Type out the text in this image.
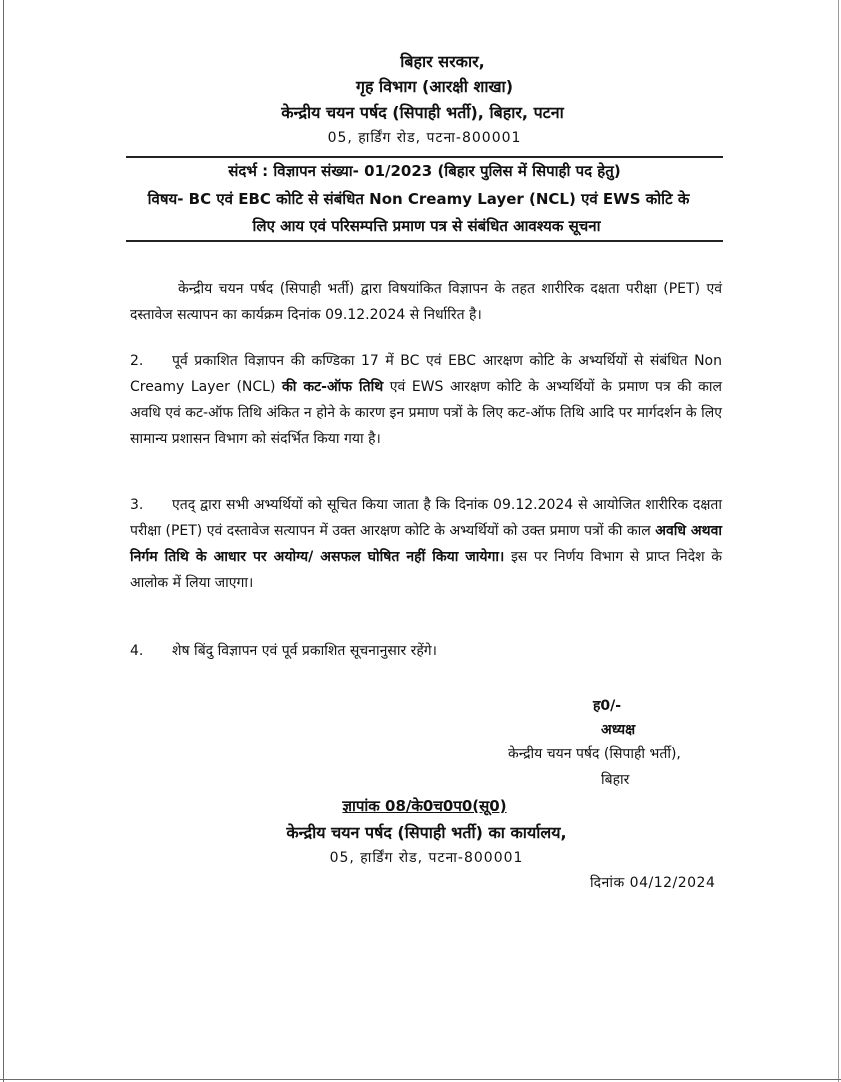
बिहार सरकार,
गृह विभाग (आरक्षी शाखा)
केन्द्रीय चयन पर्षद (सिपाही भर्ती), बिहार, पटना
05, हार्डिंग रोड, पटना-800001
संदर्भ : विज्ञापन संख्या- 01/2023 (बिहार पुलिस में सिपाही पद हेतु)
विषय- BC एवं EBC कोटि से संबंधित Non Creamy Layer (NCL) एवं EWS कोटि के
लिए आय एवं परिसम्पत्ति प्रमाण पत्र से संबंधित आवश्यक सूचना
केन्द्रीय चयन पर्षद (सिपाही भर्ती) द्वारा विषयांकित विज्ञापन के तहत शारीरिक दक्षता परीक्षा (PET) एवं दस्तावेज सत्यापन का कार्यक्रम दिनांक 09.12.2024 से निर्धारित है।
2. पूर्व प्रकाशित विज्ञापन की कण्डिका 17 में BC एवं EBC आरक्षण कोटि के अभ्यर्थियों से संबंधित Non Creamy Layer (NCL) की कट-ऑफ तिथि एवं EWS आरक्षण कोटि के अभ्यर्थियों के प्रमाण पत्र की काल अवधि एवं कट-ऑफ तिथि अंकित न होने के कारण इन प्रमाण पत्रों के लिए कट-ऑफ तिथि आदि पर मार्गदर्शन के लिए सामान्य प्रशासन विभाग को संदर्भित किया गया है।
3. एतद् द्वारा सभी अभ्यर्थियों को सूचित किया जाता है कि दिनांक 09.12.2024 से आयोजित शारीरिक दक्षता परीक्षा (PET) एवं दस्तावेज सत्यापन में उक्त आरक्षण कोटि के अभ्यर्थियों को उक्त प्रमाण पत्रों की काल अवधि अथवा निर्गम तिथि के आधार पर अयोग्य/ असफल घोषित नहीं किया जायेगा। इस पर निर्णय विभाग से प्राप्त निदेश के आलोक में लिया जाएगा।
4. शेष बिंदु विज्ञापन एवं पूर्व प्रकाशित सूचनानुसार रहेंगे।
ह0/-
अध्यक्ष
केन्द्रीय चयन पर्षद (सिपाही भर्ती),
बिहार
ज्ञापांक 08/के0च0प0(सू0)
केन्द्रीय चयन पर्षद (सिपाही भर्ती) का कार्यालय,
05, हार्डिंग रोड, पटना-800001
दिनांक 04/12/2024
